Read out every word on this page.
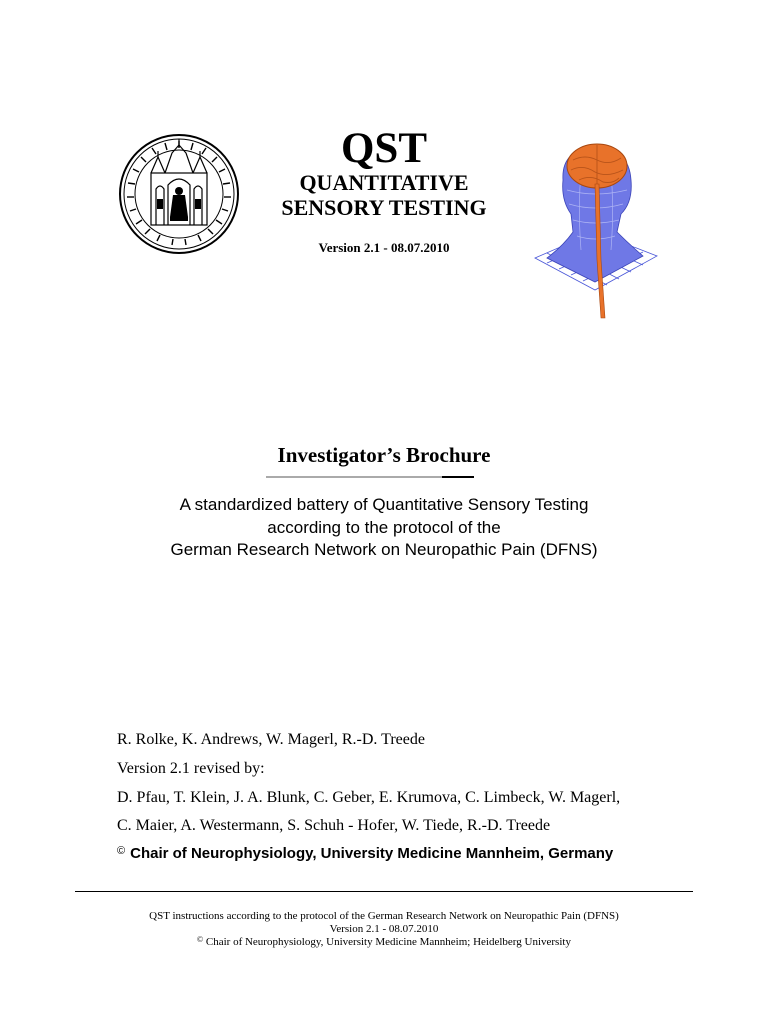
QST
QUANTITATIVE
SENSORY TESTING
Version 2.1 - 08.07.2010
Investigator’s Brochure
A standardized battery of Quantitative Sensory Testing
according to the protocol of the
German Research Network on Neuropathic Pain (DFNS)
R. Rolke, K. Andrews, W. Magerl, R.-D. Treede
Version 2.1 revised by:
D. Pfau, T. Klein, J. A. Blunk, C. Geber, E. Krumova, C. Limbeck, W. Magerl,
C. Maier, A. Westermann, S. Schuh - Hofer, W. Tiede, R.-D. Treede
© Chair of Neurophysiology, University Medicine Mannheim, Germany
QST instructions according to the protocol of the German Research Network on Neuropathic Pain (DFNS)
Version 2.1 - 08.07.2010
© Chair of Neurophysiology, University Medicine Mannheim; Heidelberg University
